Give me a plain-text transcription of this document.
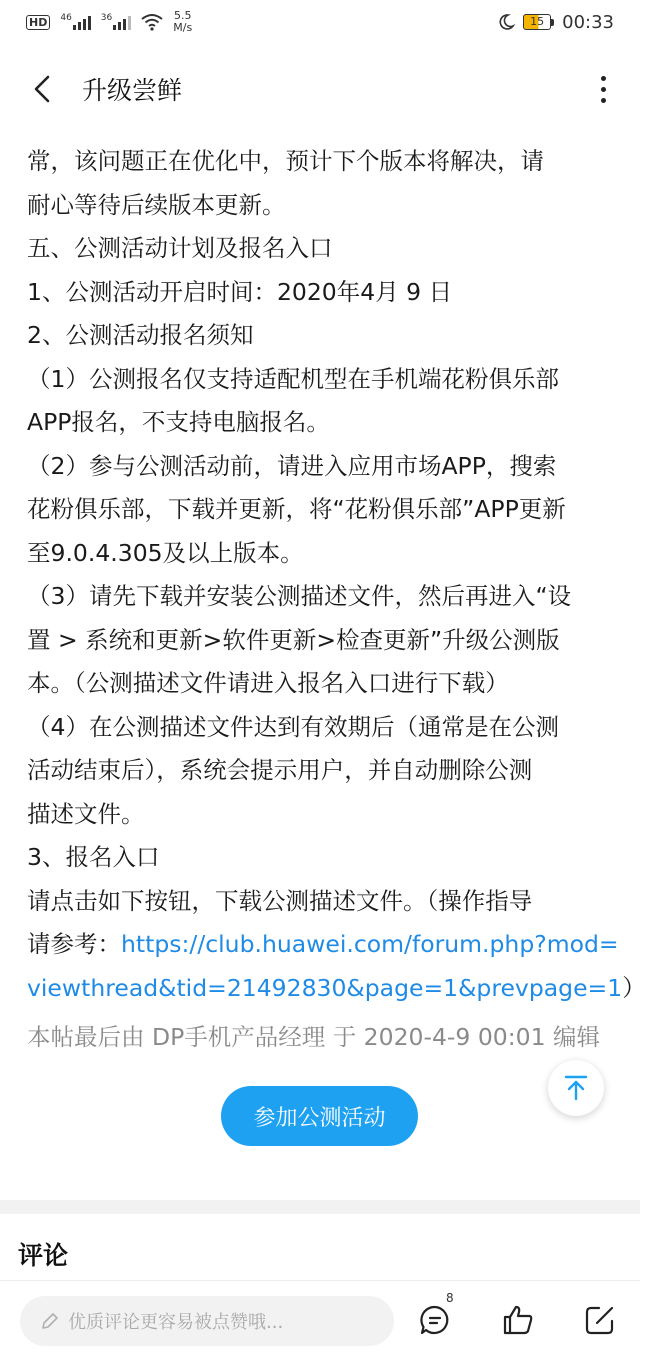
HD	46	36	5.5
M/s	15	00:33
升级尝鲜

常，该问题正在优化中，预计下个版本将解决，请

耐心等待后续版本更新。

五、公测活动计划及报名入口

1、公测活动开启时间：2020年4月 9 日

2、公测活动报名须知

（1）公测报名仅支持适配机型在手机端花粉俱乐部

APP报名，不支持电脑报名。

（2）参与公测活动前，请进入应用市场APP，搜索

花粉俱乐部，下载并更新，将“花粉俱乐部”APP更新

至9.0.4.305及以上版本。

（3）请先下载并安装公测描述文件，然后再进入“设

置 > 系统和更新>软件更新>检查更新”升级公测版

本。（公测描述文件请进入报名入口进行下载）

（4）在公测描述文件达到有效期后（通常是在公测

活动结束后），系统会提示用户，并自动删除公测

描述文件。

3、报名入口

请点击如下按钮，下载公测描述文件。（操作指导

请参考：https://club.huawei.com/forum.php?mod=

viewthread&tid=21492830&page=1&prevpage=1）

本帖最后由 DP手机产品经理 于 2020-4-9 00:01 编辑

参加公测活动
评论
优质评论更容易被点赞哦...
8
